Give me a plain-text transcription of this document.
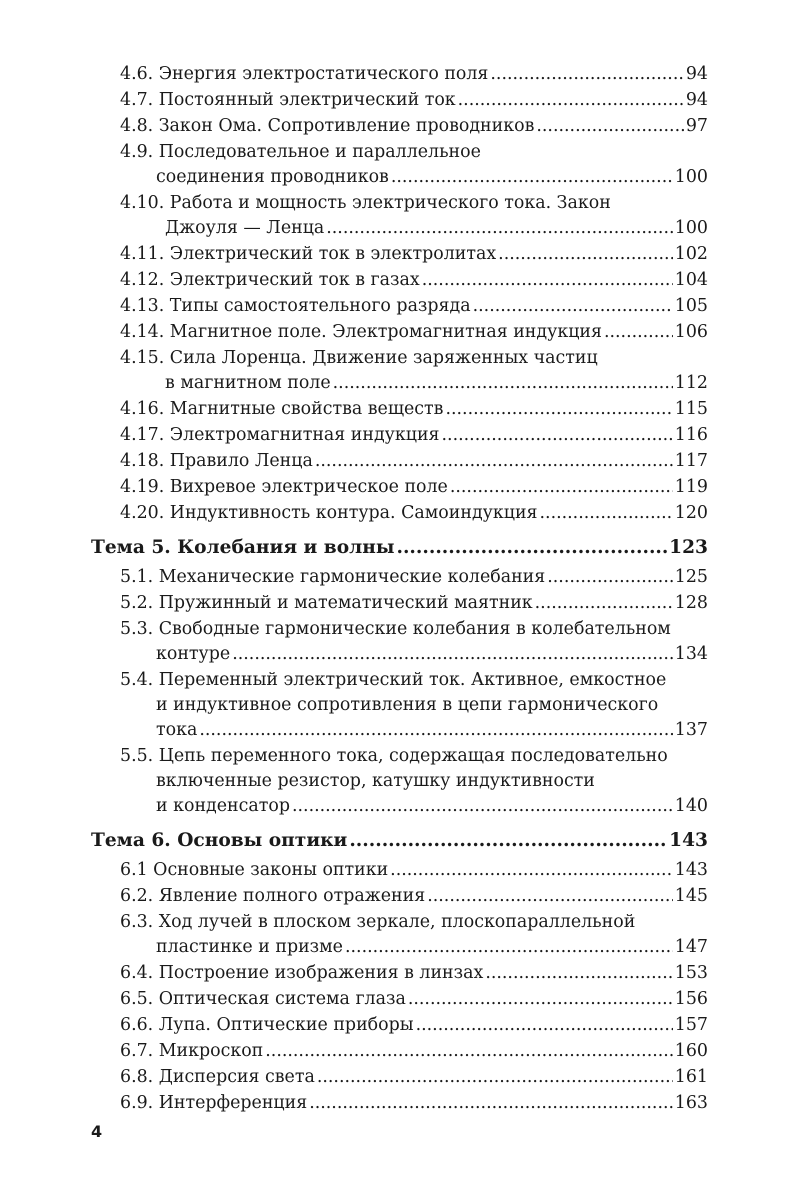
4.6. Энергия электростатического поля .....	94
4.7. Постоянный электрический ток .....	94
4.8. Закон Ома. Сопротивление проводников .....	97
4.9. Последовательное и параллельное
соединения проводников .....	100
4.10. Работа и мощность электрического тока. Закон
Джоуля — Ленца .....	100
4.11. Электрический ток в электролитах .....	102
4.12. Электрический ток в газах .....	104
4.13. Типы самостоятельного разряда .....	105
4.14. Магнитное поле. Электромагнитная индукция .....	106
4.15. Сила Лоренца. Движение заряженных частиц
в магнитном поле .....	112
4.16. Магнитные свойства веществ .....	115
4.17. Электромагнитная индукция .....	116
4.18. Правило Ленца .....	117
4.19. Вихревое электрическое поле .....	119
4.20. Индуктивность контура. Самоиндукция .....	120
Тема 5. Колебания и волны .....	123
5.1. Механические гармонические колебания .....	125
5.2. Пружинный и математический маятник .....	128
5.3. Свободные гармонические колебания в колебательном
контуре .....	134
5.4. Переменный электрический ток. Активное, емкостное
и индуктивное сопротивления в цепи гармонического
тока .....	137
5.5. Цепь переменного тока, содержащая последовательно
включенные резистор, катушку индуктивности
и конденсатор .....	140
Тема 6. Основы оптики .....	143
6.1 Основные законы оптики .....	143
6.2. Явление полного отражения .....	145
6.3. Ход лучей в плоском зеркале, плоскопараллельной
пластинке и призме .....	147
6.4. Построение изображения в линзах .....	153
6.5. Оптическая система глаза .....	156
6.6. Лупа. Оптические приборы .....	157
6.7. Микроскоп .....	160
6.8. Дисперсия света .....	161
6.9. Интерференция .....	163
4
